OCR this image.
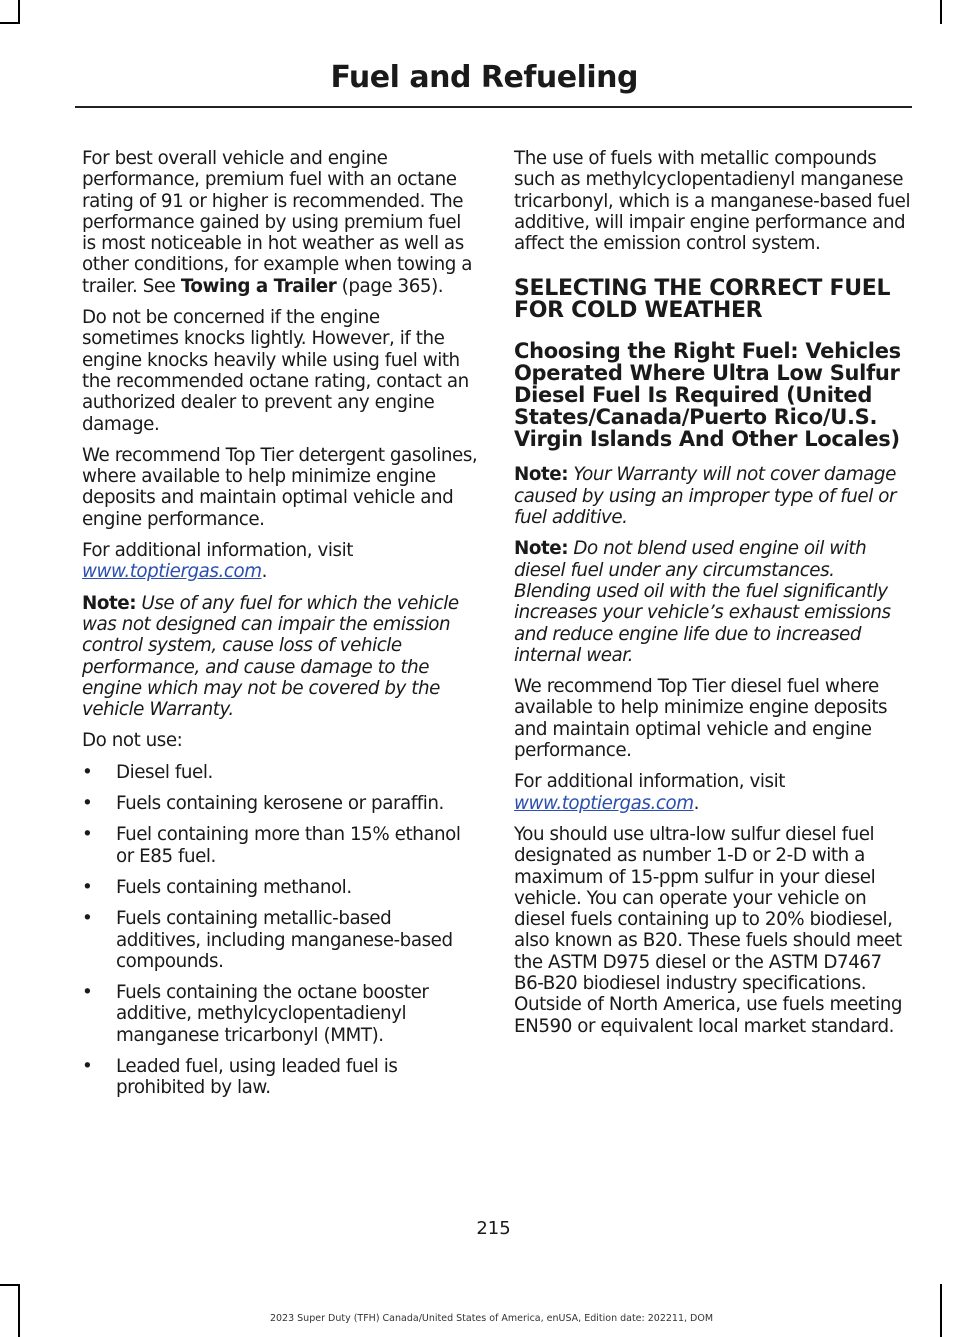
Fuel and Refueling

For best overall vehicle and engine performance, premium fuel with an octane rating of 91 or higher is recommended. The performance gained by using premium fuel is most noticeable in hot weather as well as other conditions, for example when towing a trailer. See Towing a Trailer (page 365).

Do not be concerned if the engine sometimes knocks lightly. However, if the engine knocks heavily while using fuel with the recommended octane rating, contact an authorized dealer to prevent any engine damage.

We recommend Top Tier detergent gasolines, where available to help minimize engine deposits and maintain optimal vehicle and engine performance.

For additional information, visit
www.toptiergas.com.

Note: Use of any fuel for which the vehicle was not designed can impair the emission control system, cause loss of vehicle performance, and cause damage to the engine which may not be covered by the vehicle Warranty.

Do not use:

• Diesel fuel.
• Fuels containing kerosene or paraffin.
• Fuel containing more than 15% ethanol or E85 fuel.
• Fuels containing methanol.
• Fuels containing metallic-based additives, including manganese-based compounds.
• Fuels containing the octane booster additive, methylcyclopentadienyl manganese tricarbonyl (MMT).
• Leaded fuel, using leaded fuel is prohibited by law.

The use of fuels with metallic compounds such as methylcyclopentadienyl manganese tricarbonyl, which is a manganese-based fuel additive, will impair engine performance and affect the emission control system.

SELECTING THE CORRECT FUEL FOR COLD WEATHER
Choosing the Right Fuel: Vehicles Operated Where Ultra Low Sulfur Diesel Fuel Is Required (United States/Canada/Puerto Rico/U.S. Virgin Islands And Other Locales)

Note: Your Warranty will not cover damage caused by using an improper type of fuel or fuel additive.

Note: Do not blend used engine oil with diesel fuel under any circumstances. Blending used oil with the fuel significantly increases your vehicle’s exhaust emissions and reduce engine life due to increased internal wear.

We recommend Top Tier diesel fuel where available to help minimize engine deposits and maintain optimal vehicle and engine performance.

For additional information, visit
www.toptiergas.com.

You should use ultra-low sulfur diesel fuel designated as number 1-D or 2-D with a maximum of 15-ppm sulfur in your diesel vehicle. You can operate your vehicle on diesel fuels containing up to 20% biodiesel, also known as B20. These fuels should meet the ASTM D975 diesel or the ASTM D7467 B6-B20 biodiesel industry specifications. Outside of North America, use fuels meeting EN590 or equivalent local market standard.

215
2023 Super Duty (TFH) Canada/United States of America, enUSA, Edition date: 202211, DOM
